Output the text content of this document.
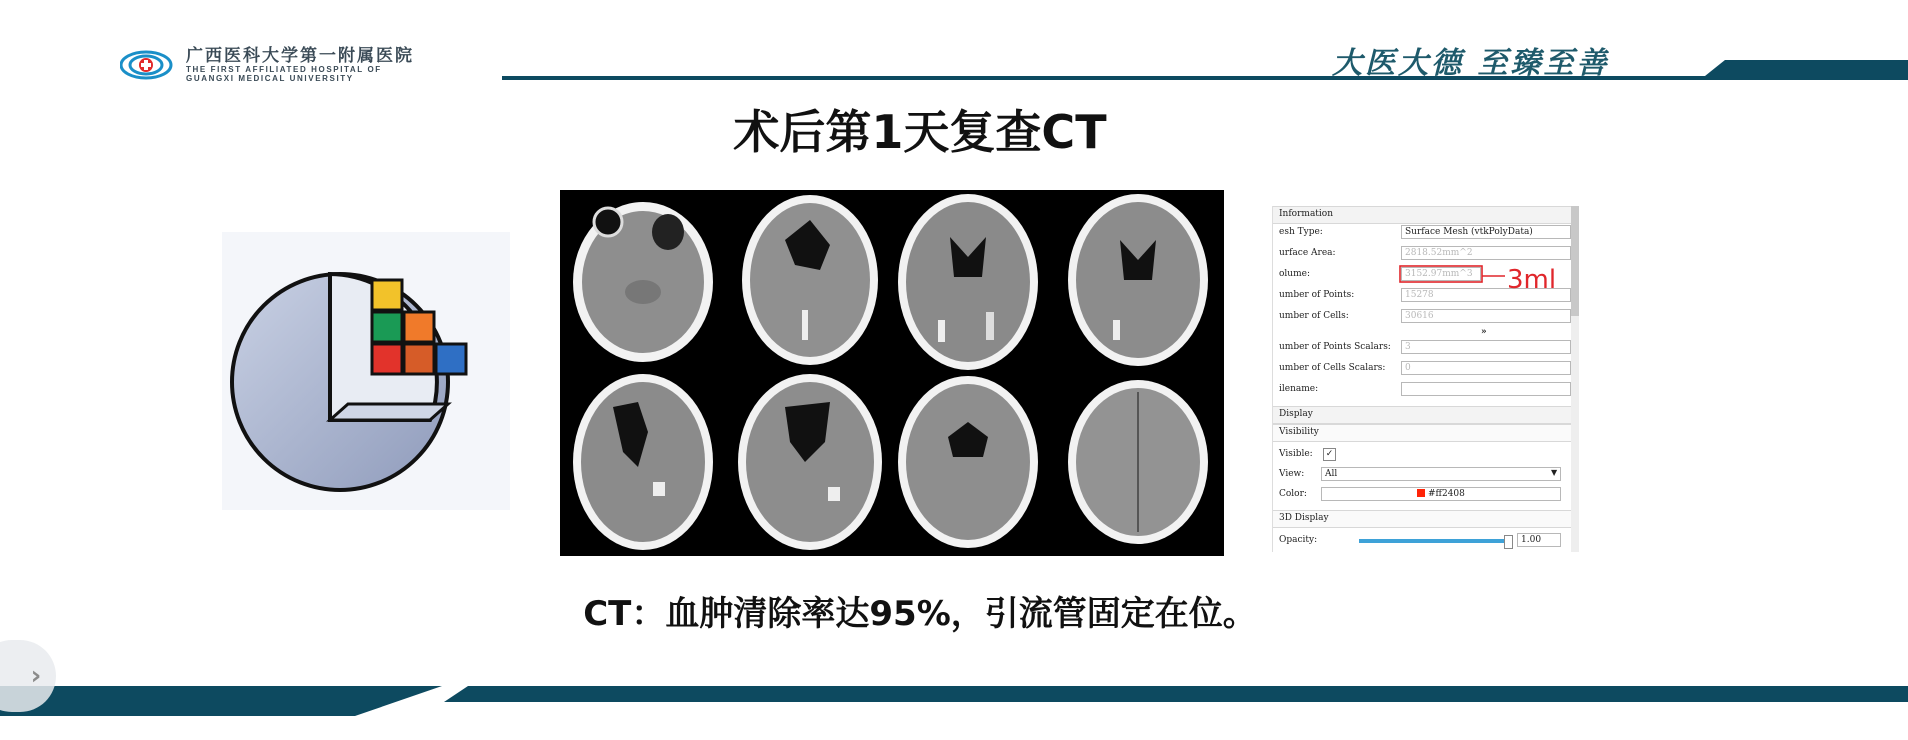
广西医科大学第一附属医院
THE FIRST AFFILIATED HOSPITAL OF
GUANGXI MEDICAL UNIVERSITY	大医大德 至臻至善
术后第1天复查CT
Information
esh Type:	Surface Mesh (vtkPolyData)
urface Area:	2818.52mm^2
olume:	3152.97mm^3
umber of Points:	15278
umber of Cells:	30616
»
umber of Points Scalars:	3
umber of Cells Scalars:	0
ilename:
3ml
Display
Visibility
Visible:	✓
View:	All	▼
Color:	#ff2408
3D Display
Opacity:	1.00
CT：血肿清除率达95%，引流管固定在位。
›
